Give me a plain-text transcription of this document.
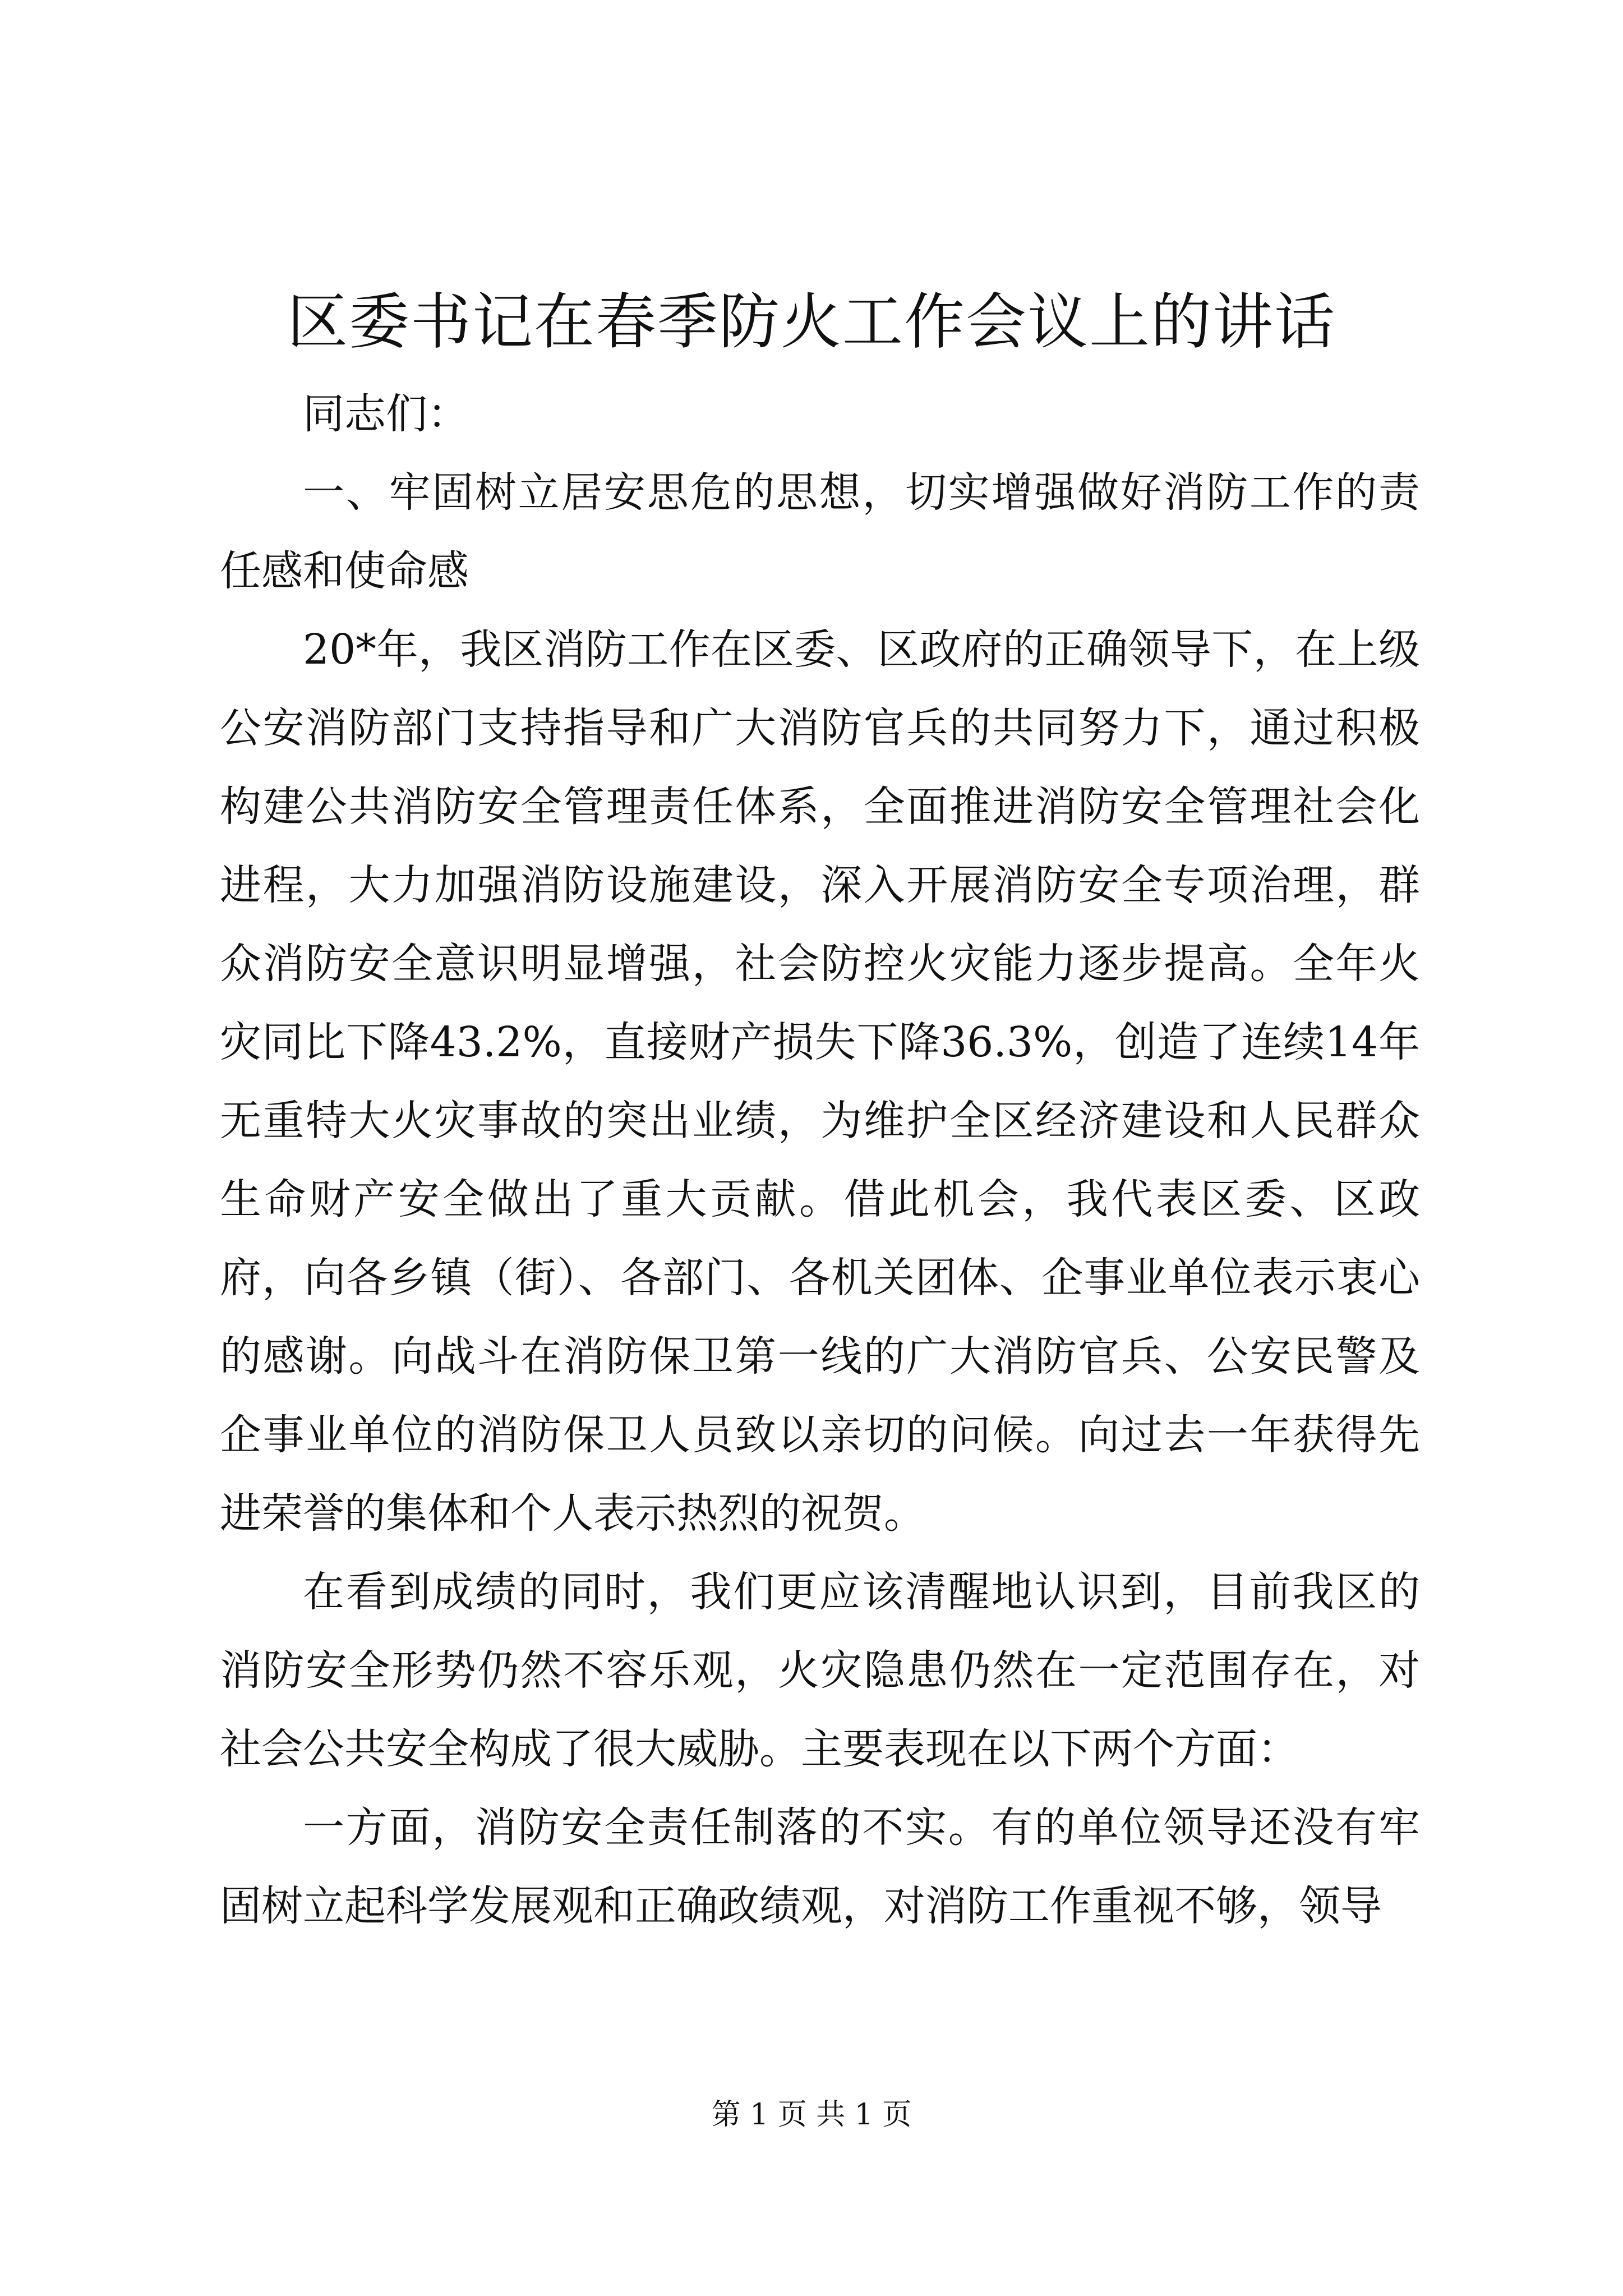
区委书记在春季防火工作会议上的讲话

同志们：

一、牢固树立居安思危的思想，切实增强做好消防工作的责任感和使命感

20*年，我区消防工作在区委、区政府的正确领导下，在上级公安消防部门支持指导和广大消防官兵的共同努力下，通过积极构建公共消防安全管理责任体系，全面推进消防安全管理社会化进程，大力加强消防设施建设，深入开展消防安全专项治理，群众消防安全意识明显增强，社会防控火灾能力逐步提高。全年火灾同比下降43.2%，直接财产损失下降36.3%，创造了连续14年无重特大火灾事故的突出业绩，为维护全区经济建设和人民群众生命财产安全做出了重大贡献。借此机会，我代表区委、区政府，向各乡镇（街）、各部门、各机关团体、企事业单位表示衷心的感谢。向战斗在消防保卫第一线的广大消防官兵、公安民警及企事业单位的消防保卫人员致以亲切的问候。向过去一年获得先进荣誉的集体和个人表示热烈的祝贺。

在看到成绩的同时，我们更应该清醒地认识到，目前我区的消防安全形势仍然不容乐观，火灾隐患仍然在一定范围存在，对社会公共安全构成了很大威胁。主要表现在以下两个方面：

一方面，消防安全责任制落的不实。有的单位领导还没有牢固树立起科学发展观和正确政绩观，对消防工作重视不够，领导

第 1 页 共 1 页
